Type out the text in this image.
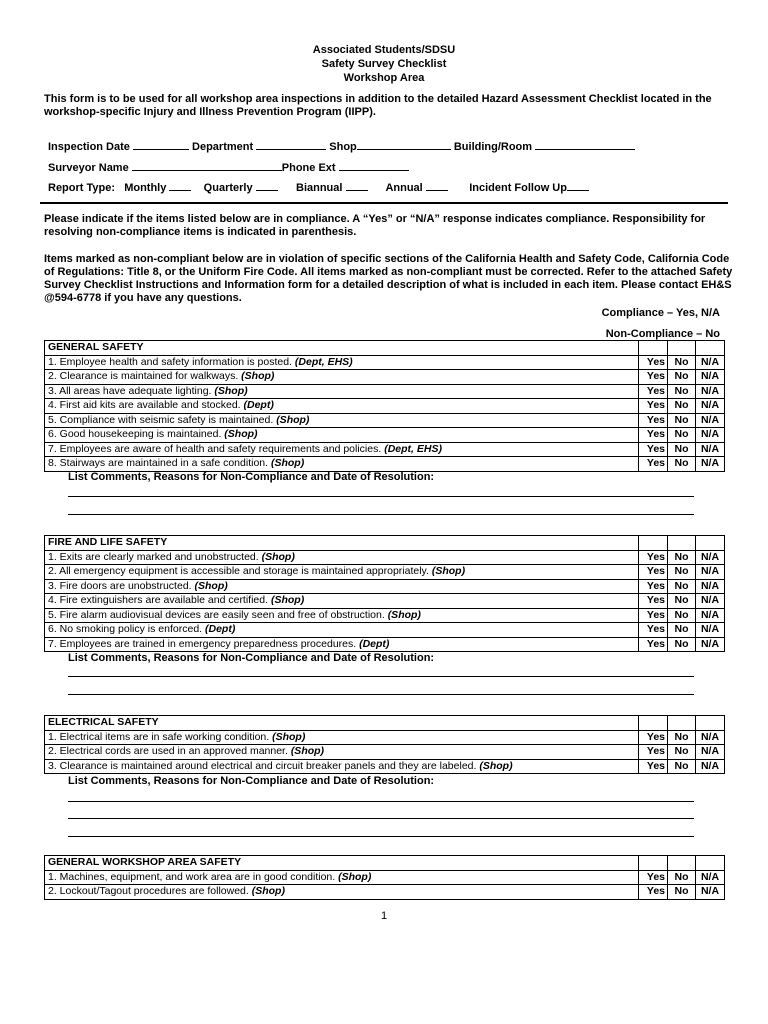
Associated Students/SDSU
Safety Survey Checklist
Workshop Area
This form is to be used for all workshop area inspections in addition to the detailed Hazard Assessment Checklist located in the workshop-specific Injury and Illness Prevention Program (IIPP).
Inspection Date	Department	Shop	Building/Room
Surveyor Name	Phone Ext
Report Type: Monthly	Quarterly	Biannual	Annual	Incident Follow Up
Please indicate if the items listed below are in compliance. A “Yes” or “N/A” response indicates compliance. Responsibility for resolving non-compliance items is indicated in parenthesis.
Items marked as non-compliant below are in violation of specific sections of the California Health and Safety Code, California Code of Regulations: Title 8, or the Uniform Fire Code. All items marked as non-compliant must be corrected. Refer to the attached Safety Survey Checklist Instructions and Information form for a detailed description of what is included in each item. Please contact EH&S @594-6778 if you have any questions.
Compliance – Yes, N/A
Non-Compliance – No
GENERAL SAFETY			
1. Employee health and safety information is posted. (Dept, EHS)	Yes	No	N/A
2. Clearance is maintained for walkways. (Shop)	Yes	No	N/A
3. All areas have adequate lighting. (Shop)	Yes	No	N/A
4. First aid kits are available and stocked. (Dept)	Yes	No	N/A
5. Compliance with seismic safety is maintained. (Shop)	Yes	No	N/A
6. Good housekeeping is maintained. (Shop)	Yes	No	N/A
7. Employees are aware of health and safety requirements and policies. (Dept, EHS)	Yes	No	N/A
8. Stairways are maintained in a safe condition. (Shop)	Yes	No	N/A
List Comments, Reasons for Non-Compliance and Date of Resolution:
FIRE AND LIFE SAFETY			
1. Exits are clearly marked and unobstructed. (Shop)	Yes	No	N/A
2. All emergency equipment is accessible and storage is maintained appropriately. (Shop)	Yes	No	N/A
3. Fire doors are unobstructed. (Shop)	Yes	No	N/A
4. Fire extinguishers are available and certified. (Shop)	Yes	No	N/A
5. Fire alarm audiovisual devices are easily seen and free of obstruction. (Shop)	Yes	No	N/A
6. No smoking policy is enforced. (Dept)	Yes	No	N/A
7. Employees are trained in emergency preparedness procedures. (Dept)	Yes	No	N/A
List Comments, Reasons for Non-Compliance and Date of Resolution:
ELECTRICAL SAFETY			
1. Electrical items are in safe working condition. (Shop)	Yes	No	N/A
2. Electrical cords are used in an approved manner. (Shop)	Yes	No	N/A
3. Clearance is maintained around electrical and circuit breaker panels and they are labeled. (Shop)	Yes	No	N/A
List Comments, Reasons for Non-Compliance and Date of Resolution:
GENERAL WORKSHOP AREA SAFETY			
1. Machines, equipment, and work area are in good condition. (Shop)	Yes	No	N/A
2. Lockout/Tagout procedures are followed. (Shop)	Yes	No	N/A
1
